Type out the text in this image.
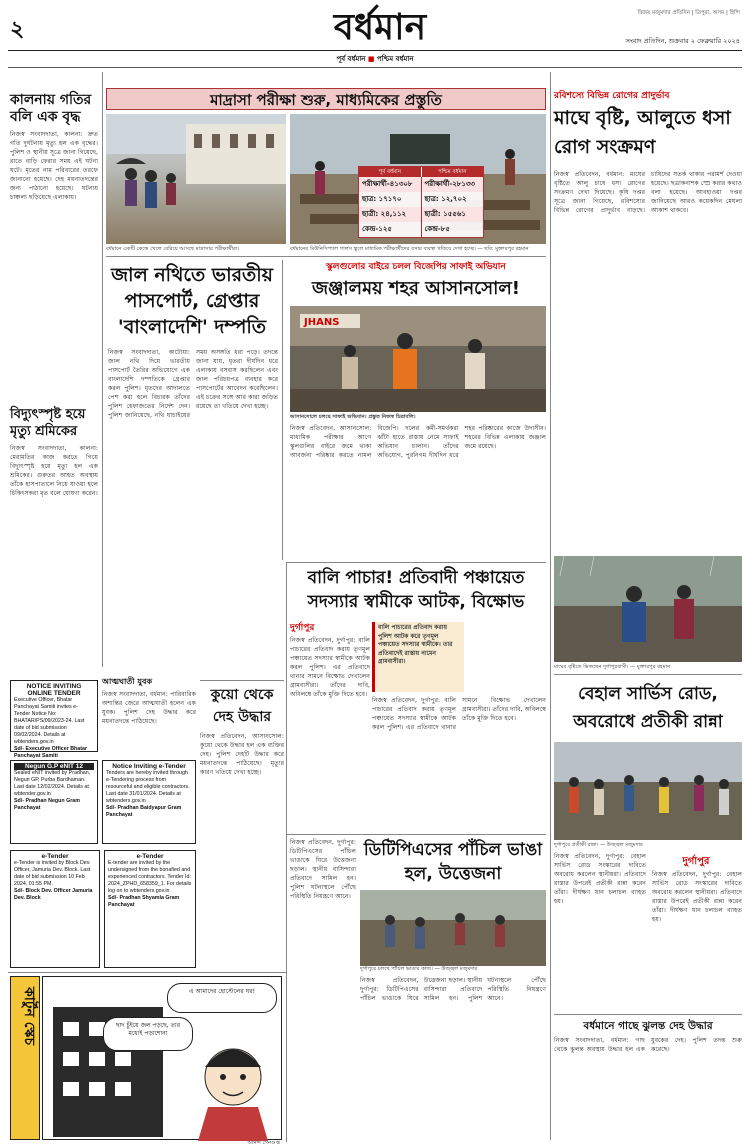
২	বর্ধমান	বিজয় মজুমদার প্রতিদিন | ত্রিপুরা, অসম | হিন্দি
সংবাদ প্রতিদিন, শুক্রবার ২ ফেব্রুয়ারি ২০২৪
পূর্ব বর্ধমান ■ পশ্চিম বর্ধমান
কালনায় গতির বলি এক বৃদ্ধ
নিজস্ব সংবাদদাতা, কালনা: দ্রুত গতি দুর্ঘটনায় মৃত্যু হল এক বৃদ্ধের। পুলিশ ও স্থানীয় সূত্রে জানা গিয়েছে, রাতে বাড়ি ফেরার সময় এই ঘটনা ঘটে। মৃতের নাম পরিবারের তরফে জানানো হয়েছে। দেহ ময়নাতদন্তের জন্য পাঠানো হয়েছে। ঘটনায় চাঞ্চল্য ছড়িয়েছে এলাকায়।
বিদ্যুৎস্পৃষ্ট হয়ে মৃত্যু শ্রমিকের
নিজস্ব সংবাদদাতা, কালনা: মেরামতির কাজ করতে গিয়ে বিদ্যুৎস্পৃষ্ট হয়ে মৃত্যু হল এক শ্রমিকের। গুরুতর আহত অবস্থায় তাঁকে হাসপাতালে নিয়ে যাওয়া হলে চিকিৎসকরা মৃত বলে ঘোষণা করেন।
NOTICE INVITING ONLINE TENDER
Executive Officer, Bhatar Panchayat Samiti invites e-Tender Notice No: BHATAR/PS/09/2023-24. Last date of bid submission 09/02/2024. Details at wbtenders.gov.in
Sd/- Executive Officer Bhatar Panchayat Samiti
Negun G.P eNIT 12
Sealed eNIT invited by Pradhan, Negun GP, Purba Bardhaman. Last date 12/02/2024. Details at wbtender.gov.in
Sd/- Pradhan Negun Gram Panchayat
Notice Inviting e-Tender
Tenders are hereby invited through e-Tendering process from resourceful and eligible contractors. Last date 31/01/2024. Details at wbtenders.gov.in
Sd/- Pradhan Baidyapur Gram Panchayat
e-Tender
e-Tender is invited by Block Dev. Officer, Jamuria Dev. Block. Last date of bid submission 10 Feb 2024, 01:55 PM.
Sd/- Block Dev. Officer Jamuria Dev. Block
e-Tender
E-tender are invited by the undersigned from the bonafied and experienced contractors. Tender Id: 2024_ZPHD_658359_1. For details log on to wbtenders.gov.in
Sd/- Pradhan Shyamla Gram Panchayat
মাদ্রাসা পরীক্ষা শুরু, মাধ্যমিকের প্রস্তুতি
পূর্ব বর্ধমান	পশ্চিম বর্ধমান
পরীক্ষার্থী-৪১৩০৮	পরীক্ষার্থী-২৮১৩৩
ছাত্র: ১৭১৭০	ছাত্র: ১২,৭০২
ছাত্রী: ২৪,১১২	ছাত্রী: ১৫৫৬১
কেন্দ্র-১২৫	কেন্দ্র-৮৫
বর্ধমানে একটি কেন্দ্রে খেলে বেরিয়ে আসছে মাদ্রাসার পরীক্ষার্থীরা।	বর্ধমানের মিউনিসিপ্যাল গার্লস স্কুলে মাধ্যমিক পরীক্ষার্থীদের বসার ব্যবস্থা খতিয়ে দেখা হচ্ছে। — ছবি: মুক্তারপুর রহমান
জাল নথিতে ভারতীয় পাসপোর্ট, গ্রেপ্তার 'বাংলাদেশি' দম্পতি
নিজস্ব সংবাদদাতা, কাটোয়া: জাল নথি দিয়ে ভারতীয় পাসপোর্ট তৈরির অভিযোগে এক বাংলাদেশি দম্পতিকে গ্রেপ্তার করল পুলিশ। ধৃতদের আদালতে পেশ করা হলে বিচারক তাঁদের পুলিশ হেফাজতের নির্দেশ দেন। পুলিশ জানিয়েছে, নথি যাচাইয়ের সময় অসঙ্গতি ধরা পড়ে। তদন্তে জানা যায়, ধৃতরা দীর্ঘদিন ধরে এলাকায় বসবাস করছিলেন এবং জাল পরিচয়পত্র ব্যবহার করে পাসপোর্টের আবেদন করেছিলেন। এই চক্রের সঙ্গে আর কারা জড়িত রয়েছে তা খতিয়ে দেখা হচ্ছে।
স্কুলগুলোর বাইরে চলল বিজেপির সাফাই অভিযান
জঞ্জালময় শহর আসানসোল!
JHANS
আসানসোলে চলছে সাফাই অভিযান। প্রস্তুত নিজস্ব চিত্রাবলি।
নিজস্ব প্রতিবেদন, আসানসোল: মাধ্যমিক পরীক্ষার আগে স্কুলগুলির বাইরে জমে থাকা আবর্জনা পরিষ্কার করতে নামল বিজেপি। দলের কর্মী-সমর্থকরা ঝাঁটা হাতে রাস্তায় নেমে সাফাই অভিযান চালান। তাঁদের অভিযোগ, পুরনিগম দীর্ঘদিন ধরে শহর পরিষ্কারের কাজে উদাসীন। শহরের বিভিন্ন এলাকায় জঞ্জাল জমে রয়েছে।
বালি পাচার! প্রতিবাদী পঞ্চায়েত সদস্যার স্বামীকে আটক, বিক্ষোভ
দুর্গাপুর	বালি পাচারের প্রতিবাদ করায় পুলিশ আটক করে তৃণমূল পঞ্চায়েত সদস্যার স্বামীকে। তার প্রতিবাদেই রাস্তায় নামেন গ্রামবাসীরা।
নিজস্ব প্রতিবেদন, দুর্গাপুর: বালি পাচারের প্রতিবাদ করায় তৃণমূল পঞ্চায়েত সদস্যার স্বামীকে আটক করল পুলিশ। এর প্রতিবাদে থানার সামনে বিক্ষোভ দেখালেন গ্রামবাসীরা। তাঁদের দাবি, অবিলম্বে তাঁকে মুক্তি দিতে হবে।
নিজস্ব প্রতিবেদন, দুর্গাপুর: বালি পাচারের প্রতিবাদ করায় তৃণমূল পঞ্চায়েত সদস্যার স্বামীকে আটক করল পুলিশ। এর প্রতিবাদে থানার সামনে বিক্ষোভ দেখালেন গ্রামবাসীরা। তাঁদের দাবি, অবিলম্বে তাঁকে মুক্তি দিতে হবে।
কুয়ো থেকে দেহ উদ্ধার
নিজস্ব প্রতিবেদন, আসানসোল: কুয়ো থেকে উদ্ধার হল এক ব্যক্তির দেহ। পুলিশ দেহটি উদ্ধার করে ময়নাতদন্তে পাঠিয়েছে। মৃত্যুর কারণ খতিয়ে দেখা হচ্ছে।
ডিটিপিএসের পাঁচিল ভাঙা হল, উত্তেজনা
নিজস্ব প্রতিবেদন, দুর্গাপুর: ডিটিপিএসের পাঁচিল ভাঙাকে ঘিরে উত্তেজনা ছড়াল। স্থানীয় বাসিন্দারা প্রতিবাদে সামিল হন। পুলিশ ঘটনাস্থলে পৌঁছে পরিস্থিতি নিয়ন্ত্রণে আনে।
দুর্গাপুরে চলছে পাঁচিল ভাঙার কাজ। — উজ্জ্বল মজুমদার
নিজস্ব প্রতিবেদন, দুর্গাপুর: ডিটিপিএসের পাঁচিল ভাঙাকে ঘিরে উত্তেজনা ছড়াল। স্থানীয় বাসিন্দারা প্রতিবাদে সামিল হন। পুলিশ ঘটনাস্থলে পৌঁছে পরিস্থিতি নিয়ন্ত্রণে আনে।
রবিশস্যে বিভিন্ন রোগের প্রাদুর্ভাব
মাঘে বৃষ্টি, আলুতে ধসা রোগ সংক্রমণ
নিজস্ব প্রতিবেদন, বর্ধমান: মাঘের বৃষ্টিতে আলু চাষে ধসা রোগের সংক্রমণ দেখা দিয়েছে। কৃষি দপ্তর সূত্রে জানা গিয়েছে, রবিশস্যের বিভিন্ন রোগের প্রাদুর্ভাব বাড়ছে। চাষিদের সতর্ক থাকার পরামর্শ দেওয়া হয়েছে। ছত্রাকনাশক স্প্রে করার কথাও বলা হয়েছে। আবহাওয়া দপ্তর জানিয়েছে আরও কয়েকদিন মেঘলা আকাশ থাকবে।
মাঘের বৃষ্টিতে ভিজছেন দুর্গাপুরবাসী। — মুক্তারপুর রহমান
বেহাল সার্ভিস রোড, অবরোধে প্রতীকী রান্না
দুর্গাপুরে প্রতীকী রান্না। — উজ্জ্বল মজুমদার
নিজস্ব প্রতিবেদন, দুর্গাপুর: বেহাল সার্ভিস রোড সংস্কারের দাবিতে অবরোধ করলেন স্থানীয়রা। প্রতিবাদে রাস্তার উপরেই প্রতীকী রান্না করেন তাঁরা। দীর্ঘক্ষণ যান চলাচল ব্যাহত হয়।
দুর্গাপুর
নিজস্ব প্রতিবেদন, দুর্গাপুর: বেহাল সার্ভিস রোড সংস্কারের দাবিতে অবরোধ করলেন স্থানীয়রা। প্রতিবাদে রাস্তার উপরেই প্রতীকী রান্না করেন তাঁরা। দীর্ঘক্ষণ যান চলাচল ব্যাহত হয়।
বর্ধমানে গাছে ঝুলন্ত দেহ উদ্ধার
নিজস্ব সংবাদদাতা, বর্ধমান: গাছ থেকে ঝুলন্ত অবস্থায় উদ্ধার হল এক যুবকের দেহ। পুলিশ তদন্ত শুরু করেছে।
আত্মঘাতী যুবক
নিজস্ব সংবাদদাতা, বর্ধমান: পারিবারিক অশান্তির জেরে আত্মঘাতী হলেন এক যুবক। পুলিশ দেহ উদ্ধার করে ময়নাতদন্তে পাঠিয়েছে।
কার্টুন স্কেচ	এ আমাদের হোস্টেলের ঘর!
ছাদ চুঁইয়ে জল পড়ছে, তার মধ্যেই পড়াশোনা
আনন্দ সেনগুপ্ত
